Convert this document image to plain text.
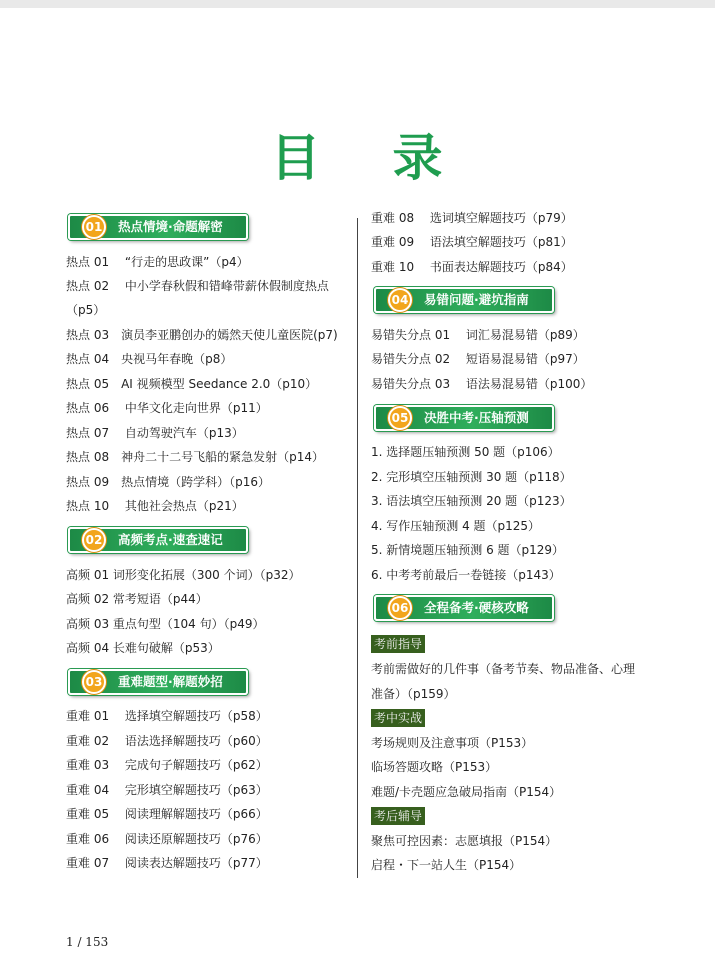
目 录
01 热点情境·命题解密
热点 01　 “行走的思政课”（p4）
热点 02　 中小学春秋假和错峰带薪休假制度热点
（p5）
热点 03　演员李亚鹏创办的嫣然天使儿童医院(p7)
热点 04　央视马年春晚（p8）
热点 05　AI 视频模型 Seedance 2.0（p10）
热点 06　 中华文化走向世界（p11）
热点 07　 自动驾驶汽车（p13）
热点 08　神舟二十二号飞船的紧急发射（p14）
热点 09　热点情境（跨学科）（p16）
热点 10　 其他社会热点（p21）
02 高频考点·速查速记
高频 01 词形变化拓展（300 个词）（p32）
高频 02 常考短语（p44）
高频 03 重点句型（104 句）（p49）
高频 04 长难句破解（p53）
03 重难题型·解题妙招
重难 01　 选择填空解题技巧（p58）
重难 02　 语法选择解题技巧（p60）
重难 03　 完成句子解题技巧（p62）
重难 04　 完形填空解题技巧（p63）
重难 05　 阅读理解解题技巧（p66）
重难 06　 阅读还原解题技巧（p76）
重难 07　 阅读表达解题技巧（p77）
重难 08　 选词填空解题技巧（p79）
重难 09　 语法填空解题技巧（p81）
重难 10　 书面表达解题技巧（p84）
04 易错问题·避坑指南
易错失分点 01　 词汇易混易错（p89）
易错失分点 02　 短语易混易错（p97）
易错失分点 03　 语法易混易错（p100）
05 决胜中考·压轴预测
1. 选择题压轴预测 50 题（p106）
2. 完形填空压轴预测 30 题（p118）
3. 语法填空压轴预测 20 题（p123）
4. 写作压轴预测 4 题（p125）
5. 新情境题压轴预测 6 题（p129）
6. 中考考前最后一卷链接（p143）
06 全程备考·硬核攻略
考前指导
考前需做好的几件事（备考节奏、物品准备、心理
准备）（p159）
考中实战
考场规则及注意事项（P153）
临场答题攻略（P153）
难题/卡壳题应急破局指南（P154）
考后辅导
聚焦可控因素：志愿填报（P154）
启程・下一站人生（P154）
1 / 153
